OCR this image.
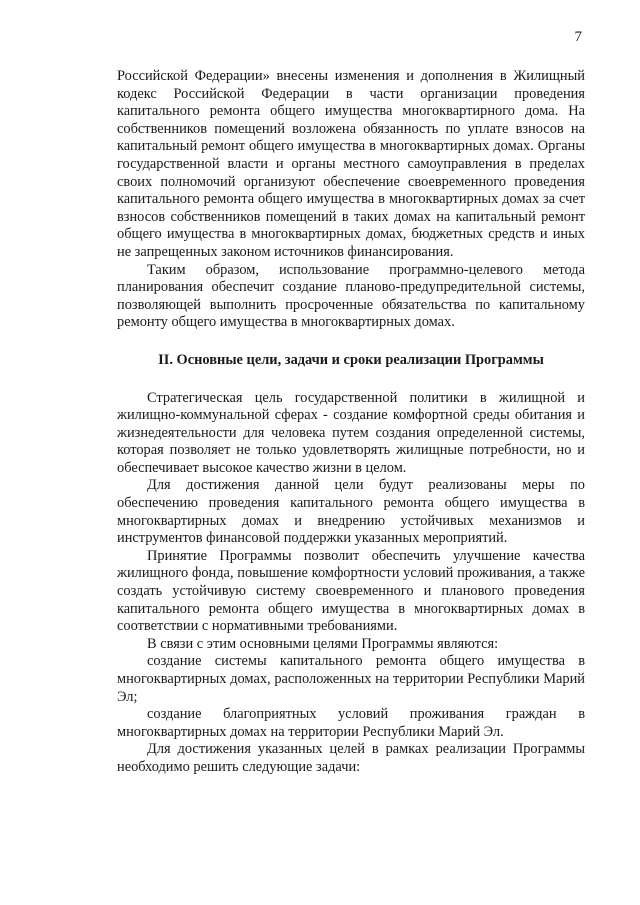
7

Российской Федерации» внесены изменения и дополнения в Жилищный кодекс Российской Федерации в части организации проведения капитального ремонта общего имущества многоквартирного дома. На собственников помещений возложена обязанность по уплате взносов на капитальный ремонт общего имущества в многоквартирных домах. Органы государственной власти и органы местного самоуправления в пределах своих полномочий организуют обеспечение своевременного проведения капитального ремонта общего имущества в многоквартирных домах за счет взносов собственников помещений в таких домах на капитальный ремонт общего имущества в многоквартирных домах, бюджетных средств и иных не запрещенных законом источников финансирования.

Таким образом, использование программно-целевого метода планирования обеспечит создание планово-предупредительной системы, позволяющей выполнить просроченные обязательства по капитальному ремонту общего имущества в многоквартирных домах.

II. Основные цели, задачи и сроки реализации Программы

Стратегическая цель государственной политики в жилищной и жилищно-коммунальной сферах - создание комфортной среды обитания и жизнедеятельности для человека путем создания определенной системы, которая позволяет не только удовлетворять жилищные потребности, но и обеспечивает высокое качество жизни в целом.

Для достижения данной цели будут реализованы меры по обеспечению проведения капитального ремонта общего имущества в многоквартирных домах и внедрению устойчивых механизмов и инструментов финансовой поддержки указанных мероприятий.

Принятие Программы позволит обеспечить улучшение качества жилищного фонда, повышение комфортности условий проживания, а также создать устойчивую систему своевременного и планового проведения капитального ремонта общего имущества в многоквартирных домах в соответствии с нормативными требованиями.

В связи с этим основными целями Программы являются:

создание системы капитального ремонта общего имущества в многоквартирных домах, расположенных на территории Республики Марий Эл;

создание благоприятных условий проживания граждан в многоквартирных домах на территории Республики Марий Эл.

Для достижения указанных целей в рамках реализации Программы необходимо решить следующие задачи:
